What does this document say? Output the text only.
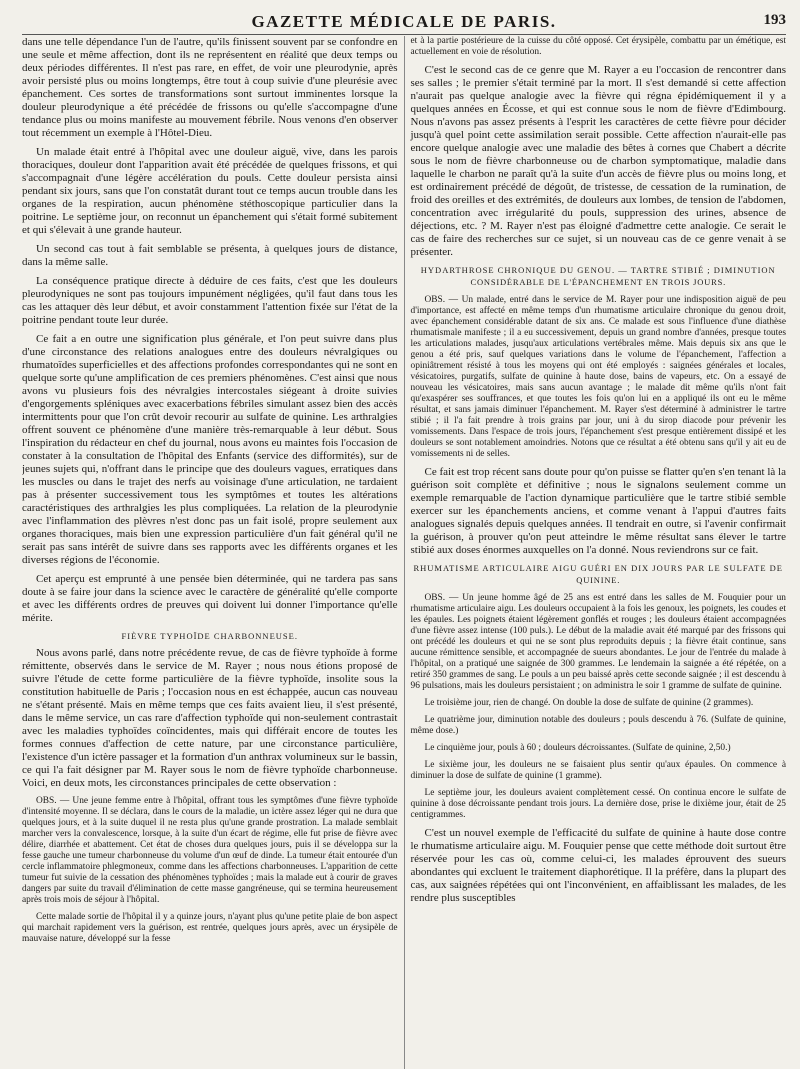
GAZETTE MÉDICALE DE PARIS.	193

dans une telle dépendance l'un de l'autre, qu'ils finissent souvent par se confondre en une seule et même affection, dont ils ne représentent en réalité que deux temps ou deux périodes différentes. Il n'est pas rare, en effet, de voir une pleurodynie, après avoir persisté plus ou moins longtemps, être tout à coup suivie d'une pleurésie avec épanchement. Ces sortes de transformations sont surtout imminentes lorsque la douleur pleurodynique a été précédée de frissons ou qu'elle s'accompagne d'une tendance plus ou moins manifeste au mouvement fébrile. Nous venons d'en observer tout récemment un exemple à l'Hôtel-Dieu.

Un malade était entré à l'hôpital avec une douleur aiguë, vive, dans les parois thoraciques, douleur dont l'apparition avait été précédée de quelques frissons, et qui s'accompagnait d'une légère accélération du pouls. Cette douleur persista ainsi pendant six jours, sans que l'on constatât durant tout ce temps aucun trouble dans les organes de la respiration, aucun phénomène stéthoscopique particulier dans la poitrine. Le septième jour, on reconnut un épanchement qui s'était formé subitement et qui s'élevait à une grande hauteur.

Un second cas tout à fait semblable se présenta, à quelques jours de distance, dans la même salle.

La conséquence pratique directe à déduire de ces faits, c'est que les douleurs pleurodyniques ne sont pas toujours impunément négligées, qu'il faut dans tous les cas les attaquer dès leur début, et avoir constamment l'attention fixée sur l'état de la poitrine pendant toute leur durée.

Ce fait a en outre une signification plus générale, et l'on peut suivre dans plus d'une circonstance des relations analogues entre des douleurs névralgiques ou rhumatoïdes superficielles et des affections profondes correspondantes qui ne sont en quelque sorte qu'une amplification de ces premiers phénomènes. C'est ainsi que nous avons vu plusieurs fois des névralgies intercostales siégeant à droite suivies d'engorgements spléniques avec exacerbations fébriles simulant assez bien des accès intermittents pour que l'on crût devoir recourir au sulfate de quinine. Les arthralgies offrent souvent ce phénomène d'une manière très-remarquable à leur début. Sous l'inspiration du rédacteur en chef du journal, nous avons eu maintes fois l'occasion de constater à la consultation de l'hôpital des Enfants (service des difformités), sur de jeunes sujets qui, n'offrant dans le principe que des douleurs vagues, erratiques dans les muscles ou dans le trajet des nerfs au voisinage d'une articulation, ne tardaient pas à présenter successivement tous les symptômes et toutes les altérations caractéristiques des arthralgies les plus compliquées. La relation de la pleurodynie avec l'inflammation des plèvres n'est donc pas un fait isolé, propre seulement aux organes thoraciques, mais bien une expression particulière d'un fait général qu'il ne serait pas sans intérêt de suivre dans ses rapports avec les différents organes et les diverses régions de l'économie.

Cet aperçu est emprunté à une pensée bien déterminée, qui ne tardera pas sans doute à se faire jour dans la science avec le caractère de généralité qu'elle comporte et avec les différents ordres de preuves qui doivent lui donner l'importance qu'elle mérite.

FIÈVRE TYPHOÏDE CHARBONNEUSE.

Nous avons parlé, dans notre précédente revue, de cas de fièvre typhoïde à forme rémittente, observés dans le service de M. Rayer ; nous nous étions proposé de suivre l'étude de cette forme particulière de la fièvre typhoïde, insolite sous la constitution habituelle de Paris ; l'occasion nous en est échappée, aucun cas nouveau ne s'étant présenté. Mais en même temps que ces faits avaient lieu, il s'est présenté, dans le même service, un cas rare d'affection typhoïde qui non-seulement contrastait avec les maladies typhoïdes coïncidentes, mais qui différait encore de toutes les formes connues d'affection de cette nature, par une circonstance particulière, l'existence d'un ictère passager et la formation d'un anthrax volumineux sur le bassin, ce qui l'a fait désigner par M. Rayer sous le nom de fièvre typhoïde charbonneuse. Voici, en deux mots, les circonstances principales de cette observation :

OBS. — Une jeune femme entre à l'hôpital, offrant tous les symptômes d'une fièvre typhoïde d'intensité moyenne. Il se déclara, dans le cours de la maladie, un ictère assez léger qui ne dura que quelques jours, et à la suite duquel il ne resta plus qu'une grande prostration. La malade semblait marcher vers la convalescence, lorsque, à la suite d'un écart de régime, elle fut prise de fièvre avec délire, diarrhée et abattement. Cet état de choses dura quelques jours, puis il se développa sur la fesse gauche une tumeur charbonneuse du volume d'un œuf de dinde. La tumeur était entourée d'un cercle inflammatoire phlegmoneux, comme dans les affections charbonneuses. L'apparition de cette tumeur fut suivie de la cessation des phénomènes typhoïdes ; mais la malade eut à courir de graves dangers par suite du travail d'élimination de cette masse gangréneuse, qui se termina heureusement après trois mois de séjour à l'hôpital.

Cette malade sortie de l'hôpital il y a quinze jours, n'ayant plus qu'une petite plaie de bon aspect qui marchait rapidement vers la guérison, est rentrée, quelques jours après, avec un érysipèle de mauvaise nature, développé sur la fesse

et à la partie postérieure de la cuisse du côté opposé. Cet érysipèle, combattu par un émétique, est actuellement en voie de résolution.

C'est le second cas de ce genre que M. Rayer a eu l'occasion de rencontrer dans ses salles ; le premier s'était terminé par la mort. Il s'est demandé si cette affection n'aurait pas quelque analogie avec la fièvre qui régna épidémiquement il y a quelques années en Écosse, et qui est connue sous le nom de fièvre d'Edimbourg. Nous n'avons pas assez présents à l'esprit les caractères de cette fièvre pour décider jusqu'à quel point cette assimilation serait possible. Cette affection n'aurait-elle pas encore quelque analogie avec une maladie des bêtes à cornes que Chabert a décrite sous le nom de fièvre charbonneuse ou de charbon symptomatique, maladie dans laquelle le charbon ne paraît qu'à la suite d'un accès de fièvre plus ou moins long, et est ordinairement précédé de dégoût, de tristesse, de cessation de la rumination, de froid des oreilles et des extrémités, de douleurs aux lombes, de tension de l'abdomen, concentration avec irrégularité du pouls, suppression des urines, absence de déjections, etc. ? M. Rayer n'est pas éloigné d'admettre cette analogie. Ce serait le cas de faire des recherches sur ce sujet, si un nouveau cas de ce genre venait à se présenter.

HYDARTHROSE CHRONIQUE DU GENOU. — TARTRE STIBIÉ ; DIMINUTION
CONSIDÉRABLE DE L'ÉPANCHEMENT EN TROIS JOURS.

OBS. — Un malade, entré dans le service de M. Rayer pour une indisposition aiguë de peu d'importance, est affecté en même temps d'un rhumatisme articulaire chronique du genou droit, avec épanchement considérable datant de six ans. Ce malade est sous l'influence d'une diathèse rhumatismale manifeste ; il a eu successivement, depuis un grand nombre d'années, presque toutes les articulations malades, jusqu'aux articulations vertébrales même. Mais depuis six ans que le genou a été pris, sauf quelques variations dans le volume de l'épanchement, l'affection a opiniâtrement résisté à tous les moyens qui ont été employés : saignées générales et locales, vésicatoires, purgatifs, sulfate de quinine à haute dose, bains de vapeurs, etc. On a essayé de nouveau les vésicatoires, mais sans aucun avantage ; le malade dit même qu'ils n'ont fait qu'exaspérer ses souffrances, et que toutes les fois qu'on lui en a appliqué ils ont eu le même résultat, et sans jamais diminuer l'épanchement. M. Rayer s'est déterminé à administrer le tartre stibié ; il l'a fait prendre à trois grains par jour, uni à du sirop diacode pour prévenir les vomissements. Dans l'espace de trois jours, l'épanchement s'est presque entièrement dissipé et les douleurs se sont notablement amoindries. Notons que ce résultat a été obtenu sans qu'il y ait eu de vomissements ni de selles.

Ce fait est trop récent sans doute pour qu'on puisse se flatter qu'en s'en tenant là la guérison soit complète et définitive ; nous le signalons seulement comme un exemple remarquable de l'action dynamique particulière que le tartre stibié semble exercer sur les épanchements anciens, et comme venant à l'appui d'autres faits analogues signalés depuis quelques années. Il tendrait en outre, si l'avenir confirmait la guérison, à prouver qu'on peut atteindre le même résultat sans élever le tartre stibié aux doses énormes auxquelles on l'a donné. Nous reviendrons sur ce fait.

RHUMATISME ARTICULAIRE AIGU GUÉRI EN DIX JOURS PAR LE SULFATE DE
QUININE.

OBS. — Un jeune homme âgé de 25 ans est entré dans les salles de M. Fouquier pour un rhumatisme articulaire aigu. Les douleurs occupaient à la fois les genoux, les poignets, les coudes et les épaules. Les poignets étaient légèrement gonflés et rouges ; les douleurs étaient accompagnées d'une fièvre assez intense (100 puls.). Le début de la maladie avait été marqué par des frissons qui ont précédé les douleurs et qui ne se sont plus reproduits depuis ; la fièvre était continue, sans aucune rémittence sensible, et accompagnée de sueurs abondantes. Le jour de l'entrée du malade à l'hôpital, on a pratiqué une saignée de 300 grammes. Le lendemain la saignée a été répétée, on a retiré 350 grammes de sang. Le pouls a un peu baissé après cette seconde saignée ; il est descendu à 96 pulsations, mais les douleurs persistaient ; on administra le soir 1 gramme de sulfate de quinine.

Le troisième jour, rien de changé. On double la dose de sulfate de quinine (2 grammes).

Le quatrième jour, diminution notable des douleurs ; pouls descendu à 76. (Sulfate de quinine, même dose.)

Le cinquième jour, pouls à 60 ; douleurs décroissantes. (Sulfate de quinine, 2,50.)

Le sixième jour, les douleurs ne se faisaient plus sentir qu'aux épaules. On commence à diminuer la dose de sulfate de quinine (1 gramme).

Le septième jour, les douleurs avaient complètement cessé. On continua encore le sulfate de quinine à dose décroissante pendant trois jours. La dernière dose, prise le dixième jour, était de 25 centigrammes.

C'est un nouvel exemple de l'efficacité du sulfate de quinine à haute dose contre le rhumatisme articulaire aigu. M. Fouquier pense que cette méthode doit surtout être réservée pour les cas où, comme celui-ci, les malades éprouvent des sueurs abondantes qui excluent le traitement diaphorétique. Il la préfère, dans la plupart des cas, aux saignées répétées qui ont l'inconvénient, en affaiblissant les malades, de les rendre plus susceptibles
